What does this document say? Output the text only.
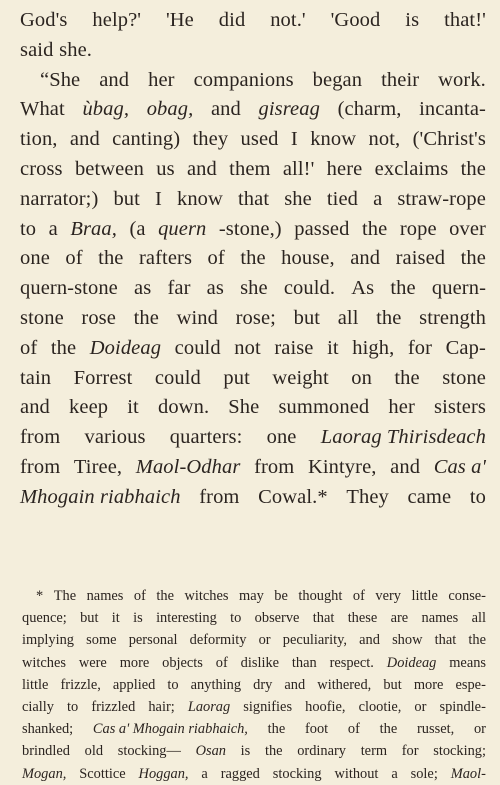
God's help?' 'He did not.' 'Good is that!'
said she.
“She and her companions began their work.
What ùbag, obag, and gisreag (charm, incanta-
tion, and canting) they used I know not, ('Christ's
cross between us and them all!' here exclaims the
narrator;) but I know that she tied a straw-rope
to a Braa, (a quern -stone,) passed the rope over
one of the rafters of the house, and raised the
quern-stone as far as she could. As the quern-
stone rose the wind rose; but all the strength
of the Doideag could not raise it high, for Cap-
tain Forrest could put weight on the stone
and keep it down. She summoned her sisters
from various quarters: one Laorag Thirisdeach
from Tiree, Maol-Odhar from Kintyre, and Cas a'
Mhogain riabhaich from Cowal.* They came to
* The names of the witches may be thought of very little conse-
quence; but it is interesting to observe that these are names all
implying some personal deformity or peculiarity, and show that the
witches were more objects of dislike than respect. Doideag means
little frizzle, applied to anything dry and withered, but more espe-
cially to frizzled hair; Laorag signifies hoofie, clootie, or spindle-
shanked; Cas a' Mhogain riabhaich, the foot of the russet, or
brindled old stocking— Osan is the ordinary term for stocking;
Mogan, Scottice Hoggan, a ragged stocking without a sole; Maol-
